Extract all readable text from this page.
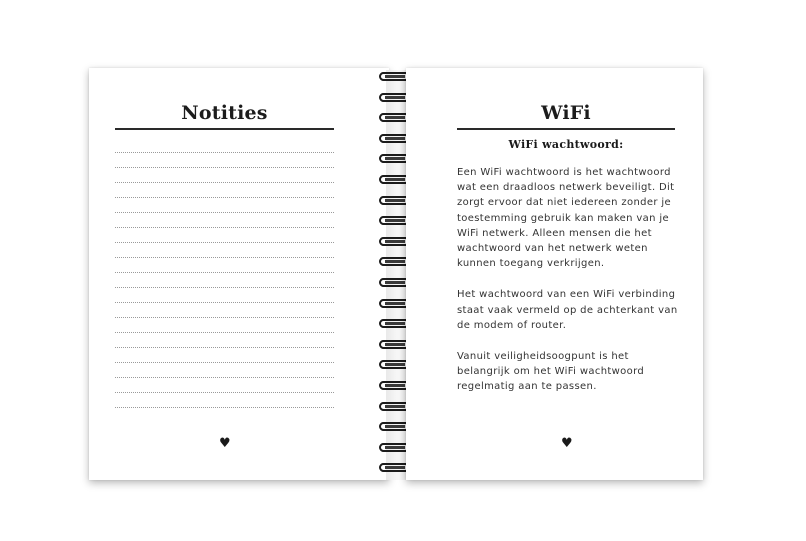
Notities
♥
WiFi
WiFi wachtwoord:

Een WiFi wachtwoord is het wachtwoord wat een draadloos netwerk beveiligt. Dit zorgt ervoor dat niet iedereen zonder je toestemming gebruik kan maken van je WiFi netwerk. Alleen mensen die het wachtwoord van het netwerk weten kunnen toegang verkrijgen.

Het wachtwoord van een WiFi verbinding staat vaak vermeld op de achterkant van de modem of router.

Vanuit veiligheidsoogpunt is het belangrijk om het WiFi wachtwoord regelmatig aan te passen.

♥
